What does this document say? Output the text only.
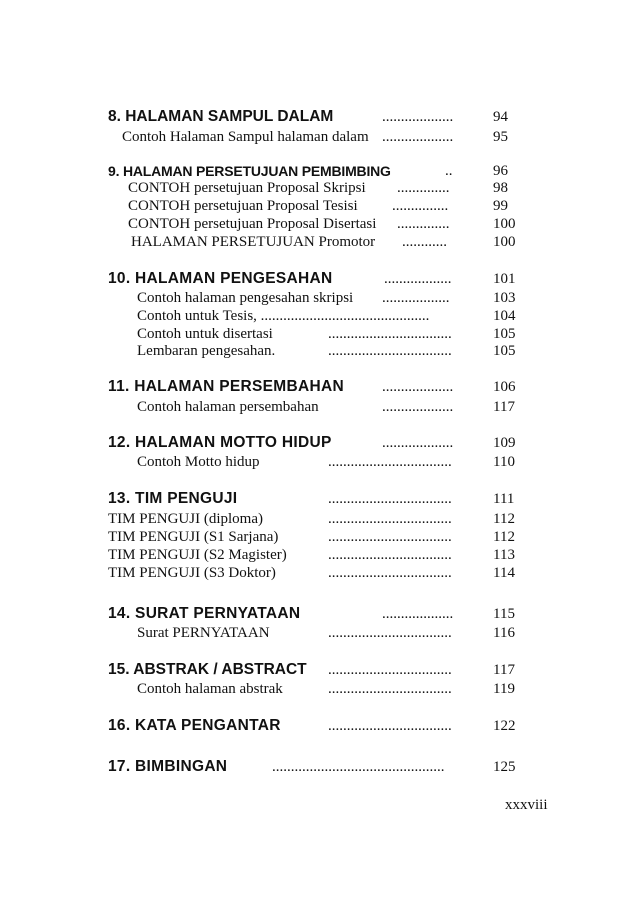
8. HALAMAN SAMPUL DALAM	...................	94
Contoh Halaman Sampul halaman dalam ...................	95
9. HALAMAN PERSETUJUAN PEMBIMBING	..	96
CONTOH persetujuan Proposal Skripsi ..............	98
CONTOH persetujuan Proposal Tesisi ...............	99
CONTOH persetujuan Proposal Disertasi ..............	100
HALAMAN PERSETUJUAN Promotor ............	100
10. HALAMAN PENGESAHAN	..................	101
Contoh halaman pengesahan skripsi ..................	103
Contoh untuk Tesis, .............................................	104
Contoh untuk disertasi	.................................	105
Lembaran pengesahan.	.................................	105
11. HALAMAN PERSEMBAHAN	...................	106
Contoh halaman persembahan	...................	117
12. HALAMAN MOTTO HIDUP	...................	109
Contoh Motto hidup	.................................	110
13. TIM PENGUJI	.................................	111
TIM PENGUJI (diploma)	.................................	112
TIM PENGUJI (S1 Sarjana)	.................................	112
TIM PENGUJI (S2 Magister)	.................................	113
TIM PENGUJI (S3 Doktor)	.................................	114
14. SURAT PERNYATAAN	...................	115
Surat PERNYATAAN	.................................	116
15. ABSTRAK / ABSTRACT .................................	117
Contoh halaman abstrak	.................................	119
16. KATA PENGANTAR	.................................	122
17. BIMBINGAN	..............................................	125
xxxviii
